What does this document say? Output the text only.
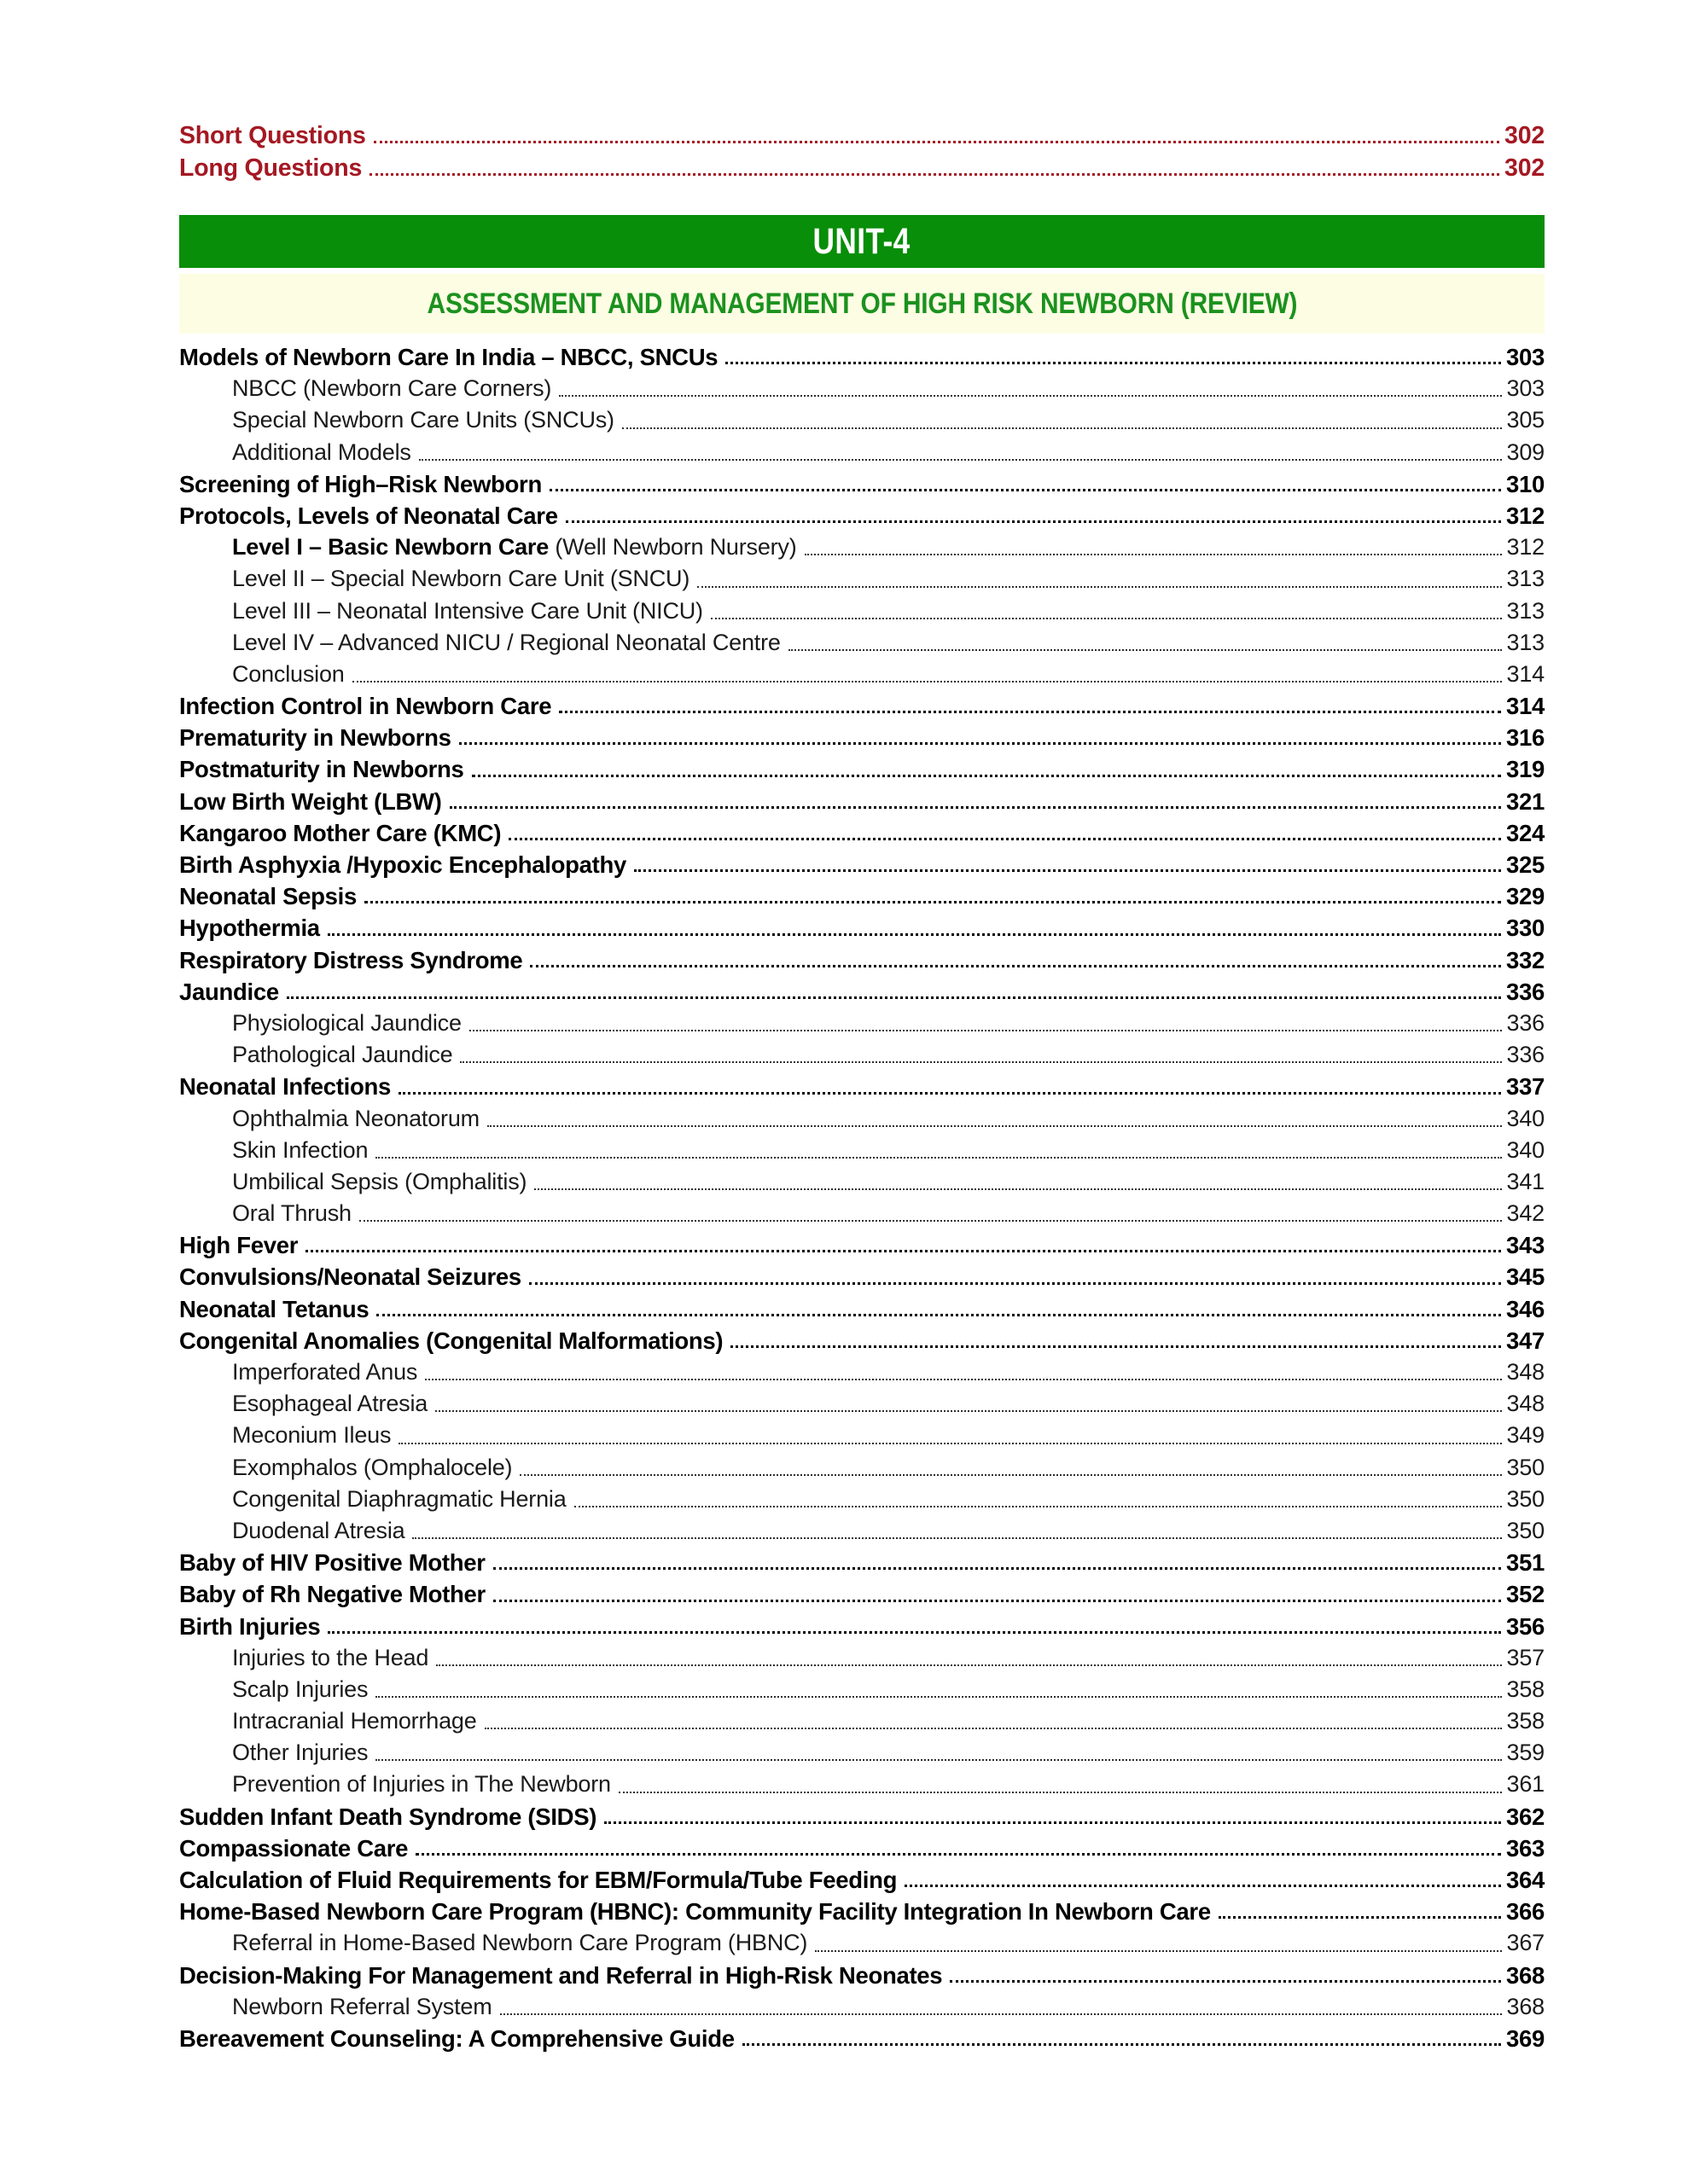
Short Questions	302
Long Questions	302
UNIT-4
ASSESSMENT AND MANAGEMENT OF HIGH RISK NEWBORN (REVIEW)
Models of Newborn Care In India – NBCC, SNCUs	303
NBCC (Newborn Care Corners)	303
Special Newborn Care Units (SNCUs)	305
Additional Models	309
Screening of High–Risk Newborn	310
Protocols, Levels of Neonatal Care	312
Level I – Basic Newborn Care (Well Newborn Nursery)	312
Level II – Special Newborn Care Unit (SNCU)	313
Level III – Neonatal Intensive Care Unit (NICU)	313
Level IV – Advanced NICU / Regional Neonatal Centre	313
Conclusion	314
Infection Control in Newborn Care	314
Prematurity in Newborns	316
Postmaturity in Newborns	319
Low Birth Weight (LBW)	321
Kangaroo Mother Care (KMC)	324
Birth Asphyxia /Hypoxic Encephalopathy	325
Neonatal Sepsis	329
Hypothermia	330
Respiratory Distress Syndrome	332
Jaundice	336
Physiological Jaundice	336
Pathological Jaundice	336
Neonatal Infections	337
Ophthalmia Neonatorum	340
Skin Infection	340
Umbilical Sepsis (Omphalitis)	341
Oral Thrush	342
High Fever	343
Convulsions/Neonatal Seizures	345
Neonatal Tetanus	346
Congenital Anomalies (Congenital Malformations)	347
Imperforated Anus	348
Esophageal Atresia	348
Meconium Ileus	349
Exomphalos (Omphalocele)	350
Congenital Diaphragmatic Hernia	350
Duodenal Atresia	350
Baby of HIV Positive Mother	351
Baby of Rh Negative Mother	352
Birth Injuries	356
Injuries to the Head	357
Scalp Injuries	358
Intracranial Hemorrhage	358
Other Injuries	359
Prevention of Injuries in The Newborn	361
Sudden Infant Death Syndrome (SIDS)	362
Compassionate Care	363
Calculation of Fluid Requirements for EBM/Formula/Tube Feeding	364
Home-Based Newborn Care Program (HBNC): Community Facility Integration In Newborn Care	366
Referral in Home-Based Newborn Care Program (HBNC)	367
Decision-Making For Management and Referral in High-Risk Neonates	368
Newborn Referral System	368
Bereavement Counseling: A Comprehensive Guide	369
